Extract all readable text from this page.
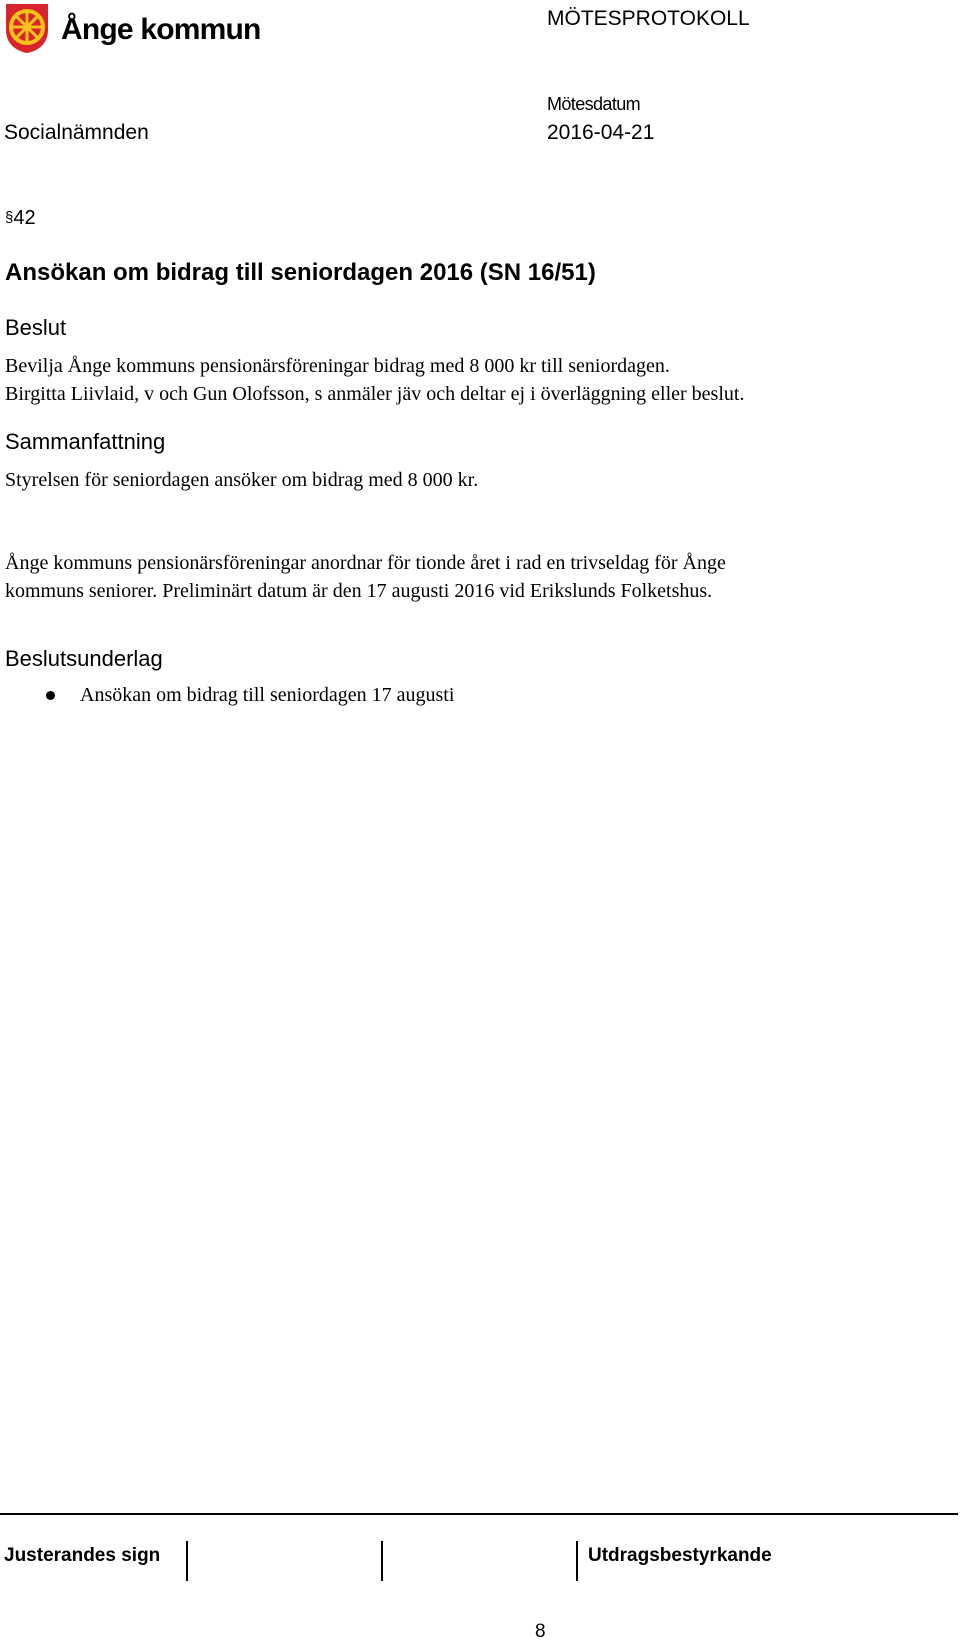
Ånge kommun	MÖTESPROTOKOLL
Mötesdatum
Socialnämnden	2016-04-21
§42
Ansökan om bidrag till seniordagen 2016 (SN 16/51)
Beslut
Bevilja Ånge kommuns pensionärsföreningar bidrag med 8 000 kr till seniordagen.
Birgitta Liivlaid, v och Gun Olofsson, s anmäler jäv och deltar ej i överläggning eller beslut.
Sammanfattning
Styrelsen för seniordagen ansöker om bidrag med 8 000 kr.
Ånge kommuns pensionärsföreningar anordnar för tionde året i rad en trivseldag för Ånge
kommuns seniorer. Preliminärt datum är den 17 augusti 2016 vid Erikslunds Folketshus.
Beslutsunderlag
Ansökan om bidrag till seniordagen 17 augusti
Justerandes sign	Utdragsbestyrkande
8
